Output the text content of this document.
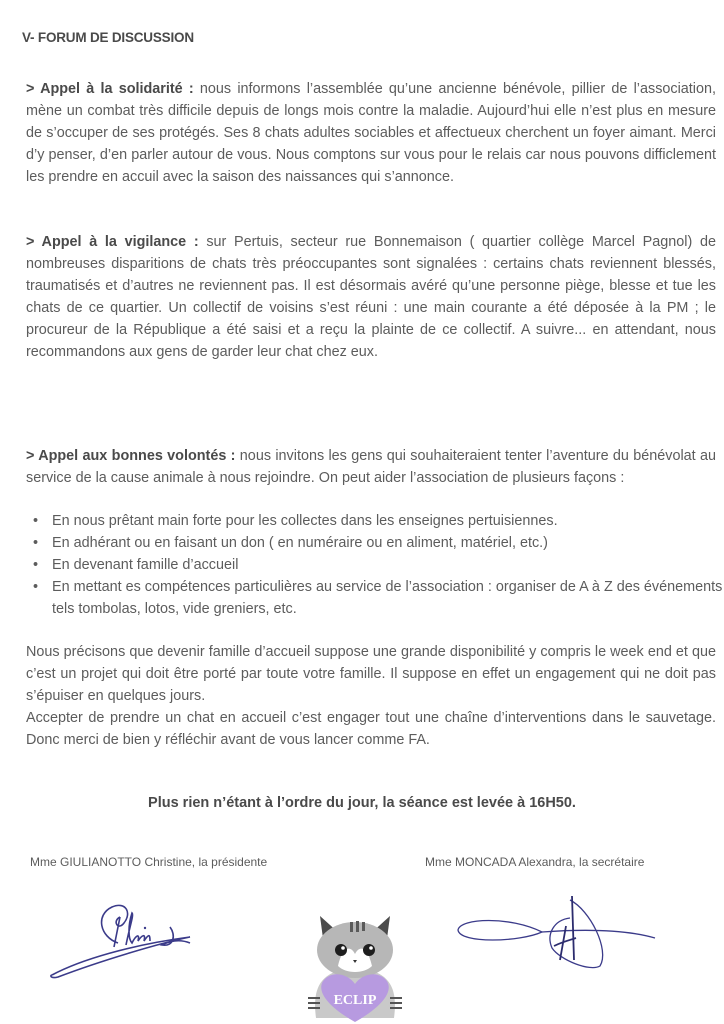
V- FORUM DE DISCUSSION

> Appel à la solidarité : nous informons l’assemblée qu’une ancienne bénévole, pillier de l’association, mène un combat très difficile depuis de longs mois contre la maladie. Aujourd’hui elle n’est plus en mesure de s’occuper de ses protégés. Ses 8 chats adultes sociables et affectueux cherchent un foyer aimant. Merci d’y penser, d’en parler autour de vous. Nous comptons sur vous pour le relais car nous pouvons difficlement les prendre en accuil avec la saison des naissances qui s’annonce.

> Appel à la vigilance : sur Pertuis, secteur rue Bonnemaison ( quartier collège Marcel Pagnol) de nombreuses disparitions de chats très préoccupantes sont signalées : certains chats reviennent blessés, traumatisés et d’autres ne reviennent pas. Il est désormais avéré qu’une personne piège, blesse et tue les chats de ce quartier. Un collectif de voisins s’est réuni : une main courante a été déposée à la PM ; le procureur de la République a été saisi et a reçu la plainte de ce collectif. A suivre... en attendant, nous recommandons aux gens de garder leur chat chez eux.

> Appel aux bonnes volontés : nous invitons les gens qui souhaiteraient tenter l’aventure du bénévolat au service de la cause animale à nous rejoindre. On peut aider l’association de plusieurs façons :

• En nous prêtant main forte pour les collectes dans les enseignes pertuisiennes.
• En adhérant ou en faisant un don ( en numéraire ou en aliment, matériel, etc.)
• En devenant famille d’accueil
• En mettant es compétences particulières au service de l’association : organiser de A à Z des événements tels tombolas, lotos, vide greniers, etc.

Nous précisons que devenir famille d’accueil suppose une grande disponibilité y compris le week end et que c’est un projet qui doit être porté par toute votre famille. Il suppose en effet un engagement qui ne doit pas s’épuiser en quelques jours.

Accepter de prendre un chat en accueil c’est engager tout une chaîne d’interventions dans le sauvetage. Donc merci de bien y réfléchir avant de vous lancer comme FA.

Plus rien n’étant à l’ordre du jour, la séance est levée à 16H50.

Mme GIULIANOTTO Christine, la présidente	Mme MONCADA Alexandra, la secrétaire

ECLIP
